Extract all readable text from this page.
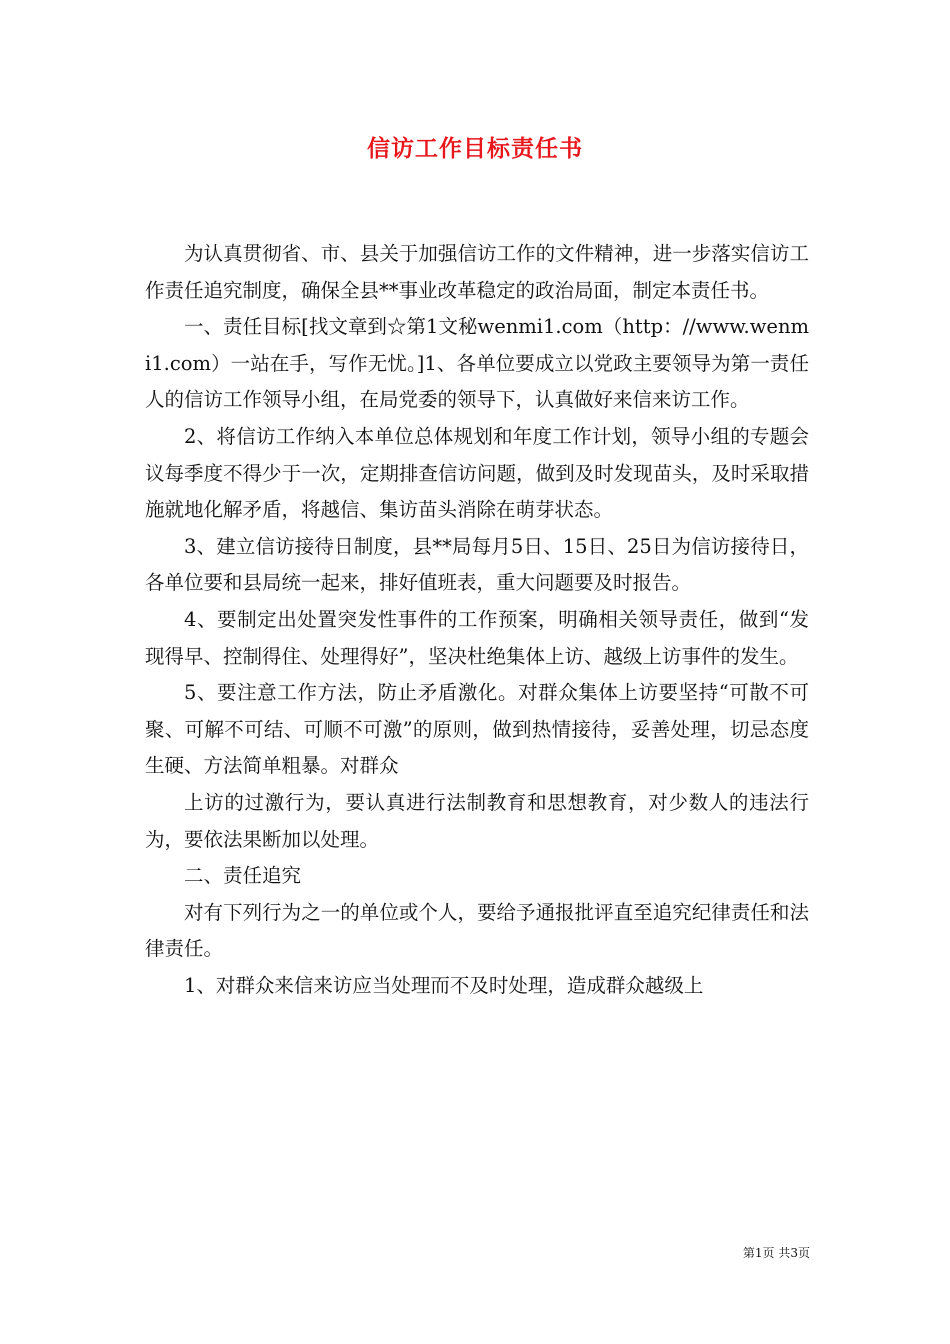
信访工作目标责任书

为认真贯彻省、市、县关于加强信访工作的文件精神，进一步落实信访工作责任追究制度，确保全县**事业改革稳定的政治局面，制定本责任书。

一、责任目标[找文章到☆第1文秘wenmi1.com（http：//www.wenmi1.com）一站在手，写作无忧。]1、各单位要成立以党政主要领导为第一责任人的信访工作领导小组，在局党委的领导下，认真做好来信来访工作。

2、将信访工作纳入本单位总体规划和年度工作计划，领导小组的专题会议每季度不得少于一次，定期排查信访问题，做到及时发现苗头，及时采取措施就地化解矛盾，将越信、集访苗头消除在萌芽状态。

3、建立信访接待日制度，县**局每月5日、15日、25日为信访接待日，各单位要和县局统一起来，排好值班表，重大问题要及时报告。

4、要制定出处置突发性事件的工作预案，明确相关领导责任，做到“发现得早、控制得住、处理得好”，坚决杜绝集体上访、越级上访事件的发生。

5、要注意工作方法，防止矛盾激化。对群众集体上访要坚持“可散不可聚、可解不可结、可顺不可激”的原则，做到热情接待，妥善处理，切忌态度生硬、方法简单粗暴。对群众

上访的过激行为，要认真进行法制教育和思想教育，对少数人的违法行为，要依法果断加以处理。

二、责任追究

对有下列行为之一的单位或个人，要给予通报批评直至追究纪律责任和法律责任。

1、对群众来信来访应当处理而不及时处理，造成群众越级上

第1页 共3页
